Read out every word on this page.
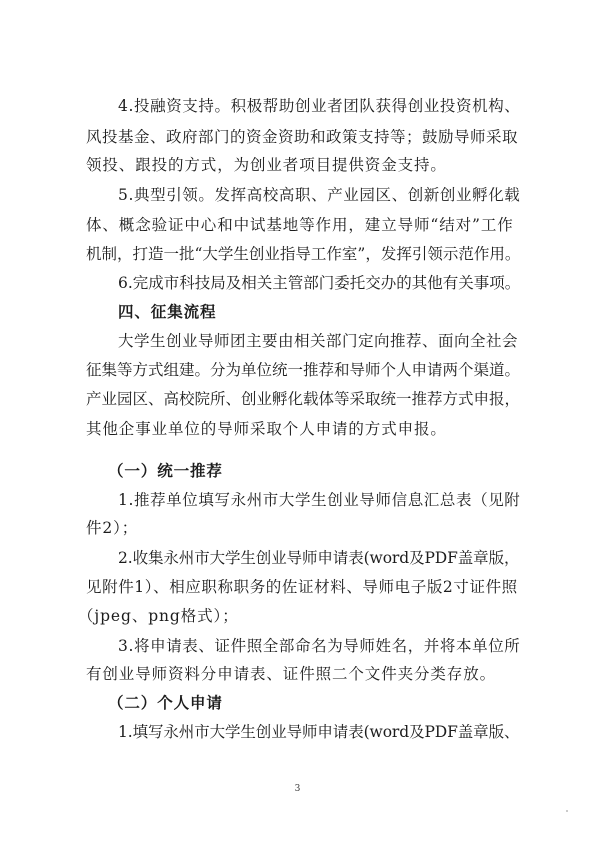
4.投融资支持。积极帮助创业者团队获得创业投资机构、
风投基金、政府部门的资金资助和政策支持等；鼓励导师采取
领投、跟投的方式，为创业者项目提供资金支持。
5.典型引领。发挥高校高职、产业园区、创新创业孵化载
体、概念验证中心和中试基地等作用，建立导师“结对”工作
机制，打造一批“大学生创业指导工作室”，发挥引领示范作用。
6.完成市科技局及相关主管部门委托交办的其他有关事项。
四、征集流程
大学生创业导师团主要由相关部门定向推荐、面向全社会
征集等方式组建。分为单位统一推荐和导师个人申请两个渠道。
产业园区、高校院所、创业孵化载体等采取统一推荐方式申报，
其他企事业单位的导师采取个人申请的方式申报。
（一）统一推荐
1.推荐单位填写永州市大学生创业导师信息汇总表（见附
件2）；
2.收集永州市大学生创业导师申请表(word及PDF盖章版，
见附件1）、相应职称职务的佐证材料、导师电子版2寸证件照
（jpeg、png格式）；
3.将申请表、证件照全部命名为导师姓名，并将本单位所
有创业导师资料分申请表、证件照二个文件夹分类存放。
（二）个人申请
1.填写永州市大学生创业导师申请表(word及PDF盖章版、
3
